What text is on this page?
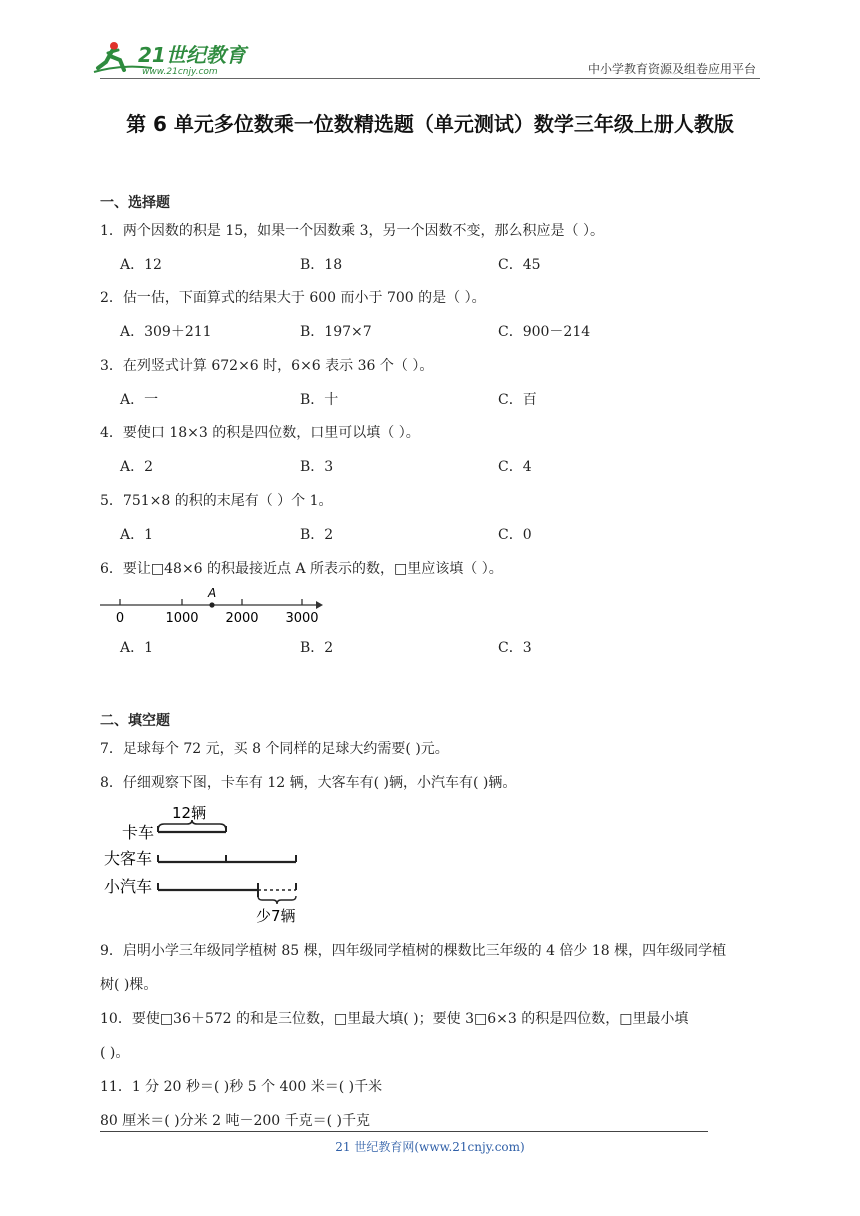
21世纪教育
www.21cnjy.com	中小学教育资源及组卷应用平台
第 6 单元多位数乘一位数精选题（单元测试）数学三年级上册人教版
一、选择题
1．两个因数的积是 15，如果一个因数乘 3，另一个因数不变，那么积应是（ ）。
A．12	B．18	C．45
2．估一估，下面算式的结果大于 600 而小于 700 的是（ ）。
A．309＋211	B．197×7	C．900－214
3．在列竖式计算 672×6 时，6×6 表示 36 个（ ）。
A．一	B．十	C．百
4．要使口 18×3 的积是四位数，口里可以填（ ）。
A．2	B．3	C．4
5．751×8 的积的末尾有（ ）个 1。
A．1	B．2	C．0
6．要让□48×6 的积最接近点 A 所表示的数，□里应该填（ ）。
A
0	1000 2000 3000
A．1	B．2	C．3
二、填空题
7．足球每个 72 元，买 8 个同样的足球大约需要( )元。
8．仔细观察下图，卡车有 12 辆，大客车有( )辆，小汽车有( )辆。
12辆
卡车
大客车
小汽车
少7辆
9．启明小学三年级同学植树 85 棵，四年级同学植树的棵数比三年级的 4 倍少 18 棵，四年级同学植
树( )棵。
10．要使□36＋572 的和是三位数，□里最大填( )；要使 3□6×3 的积是四位数，□里最小填
( )。
11．1 分 20 秒＝( )秒 5 个 400 米＝( )千米
80 厘米＝( )分米 2 吨－200 千克＝( )千克
21 世纪教育网(www.21cnjy.com)
